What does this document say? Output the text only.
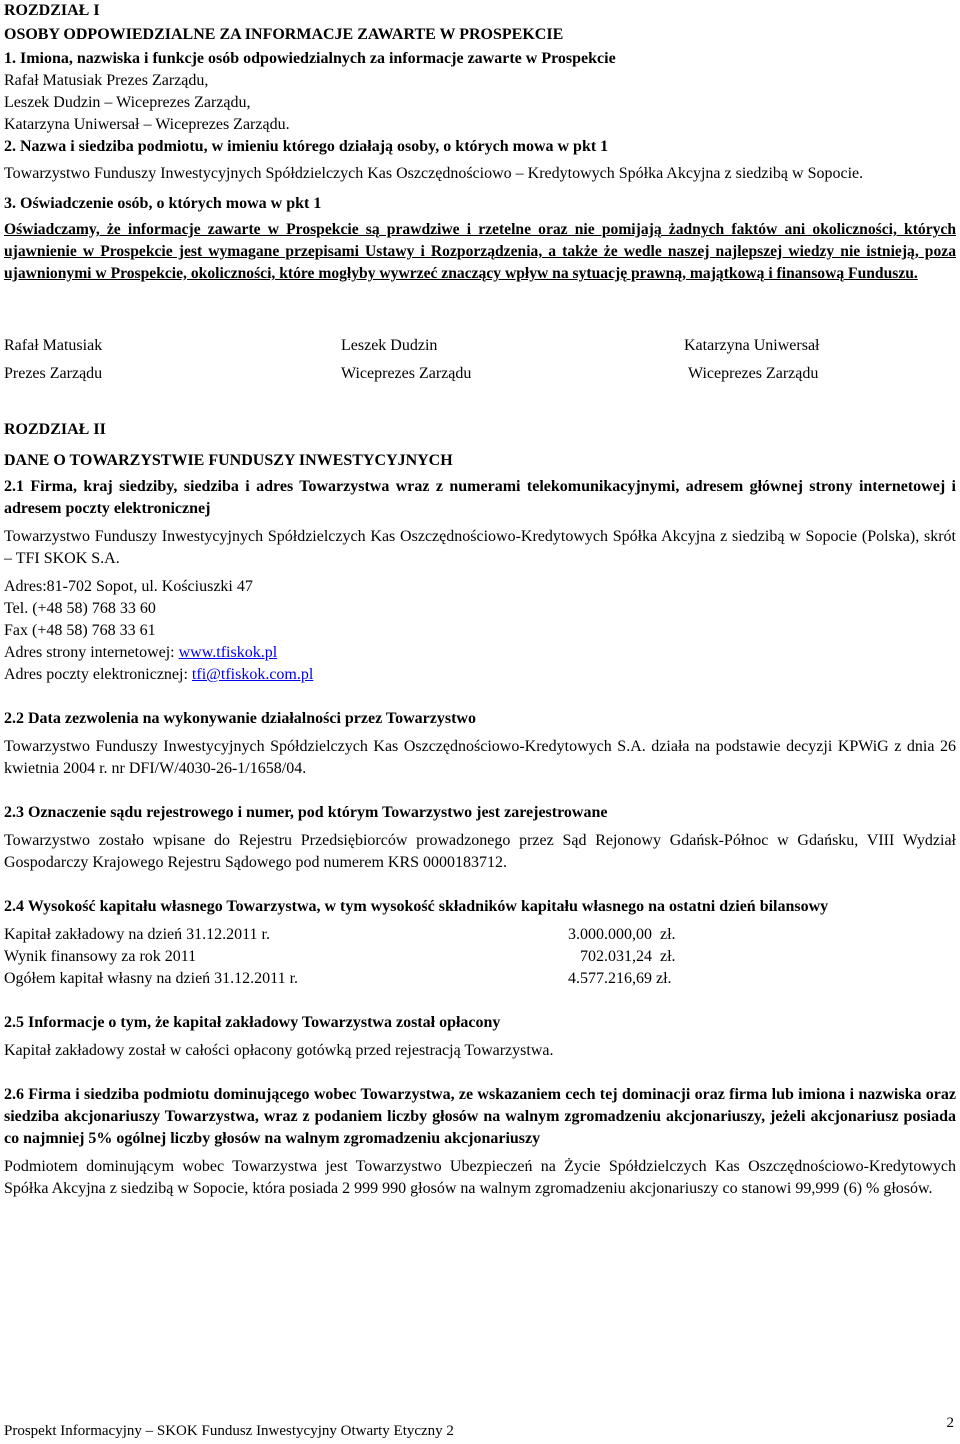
ROZDZIAŁ I

OSOBY ODPOWIEDZIALNE ZA INFORMACJE ZAWARTE W PROSPEKCIE

1. Imiona, nazwiska i funkcje osób odpowiedzialnych za informacje zawarte w Prospekcie

Rafał Matusiak Prezes Zarządu,

Leszek Dudzin – Wiceprezes Zarządu,

Katarzyna Uniwersał – Wiceprezes Zarządu.

2. Nazwa i siedziba podmiotu, w imieniu którego działają osoby, o których mowa w pkt 1

Towarzystwo Funduszy Inwestycyjnych Spółdzielczych Kas Oszczędnościowo – Kredytowych Spółka Akcyjna z siedzibą w Sopocie.

3. Oświadczenie osób, o których mowa w pkt 1

Oświadczamy, że informacje zawarte w Prospekcie są prawdziwe i rzetelne oraz nie pomijają żadnych faktów ani okoliczności, których ujawnienie w Prospekcie jest wymagane przepisami Ustawy i Rozporządzenia, a także że wedle naszej najlepszej wiedzy nie istnieją, poza ujawnionymi w Prospekcie, okoliczności, które mogłyby wywrzeć znaczący wpływ na sytuację prawną, majątkową i finansową Funduszu.

Rafał Matusiak	Leszek Dudzin	Katarzyna Uniwersał
Prezes Zarządu	Wiceprezes Zarządu	Wiceprezes Zarządu

ROZDZIAŁ II

DANE O TOWARZYSTWIE FUNDUSZY INWESTYCYJNYCH

2.1 Firma, kraj siedziby, siedziba i adres Towarzystwa wraz z numerami telekomunikacyjnymi, adresem głównej strony internetowej i adresem poczty elektronicznej

Towarzystwo Funduszy Inwestycyjnych Spółdzielczych Kas Oszczędnościowo-Kredytowych Spółka Akcyjna z siedzibą w Sopocie (Polska), skrót – TFI SKOK S.A.

Adres:81-702 Sopot, ul. Kościuszki 47

Tel. (+48 58) 768 33 60

Fax (+48 58) 768 33 61

Adres strony internetowej: www.tfiskok.pl

Adres poczty elektronicznej: tfi@tfiskok.com.pl

2.2 Data zezwolenia na wykonywanie działalności przez Towarzystwo

Towarzystwo Funduszy Inwestycyjnych Spółdzielczych Kas Oszczędnościowo-Kredytowych S.A. działa na podstawie decyzji KPWiG z dnia 26 kwietnia 2004 r. nr DFI/W/4030-26-1/1658/04.

2.3 Oznaczenie sądu rejestrowego i numer, pod którym Towarzystwo jest zarejestrowane

Towarzystwo zostało wpisane do Rejestru Przedsiębiorców prowadzonego przez Sąd Rejonowy Gdańsk-Północ w Gdańsku, VIII Wydział Gospodarczy Krajowego Rejestru Sądowego pod numerem KRS 0000183712.

2.4 Wysokość kapitału własnego Towarzystwa, w tym wysokość składników kapitału własnego na ostatni dzień bilansowy

Kapitał zakładowy na dzień 31.12.2011 r.	3.000.000,00 zł.
Wynik finansowy za rok 2011	702.031,24 zł.
Ogółem kapitał własny na dzień 31.12.2011 r.	4.577.216,69 zł.

2.5 Informacje o tym, że kapitał zakładowy Towarzystwa został opłacony

Kapitał zakładowy został w całości opłacony gotówką przed rejestracją Towarzystwa.

2.6 Firma i siedziba podmiotu dominującego wobec Towarzystwa, ze wskazaniem cech tej dominacji oraz firma lub imiona i nazwiska oraz siedziba akcjonariuszy Towarzystwa, wraz z podaniem liczby głosów na walnym zgromadzeniu akcjonariuszy, jeżeli akcjonariusz posiada co najmniej 5% ogólnej liczby głosów na walnym zgromadzeniu akcjonariuszy

Podmiotem dominującym wobec Towarzystwa jest Towarzystwo Ubezpieczeń na Życie Spółdzielczych Kas Oszczędnościowo-Kredytowych Spółka Akcyjna z siedzibą w Sopocie, która posiada 2 999 990 głosów na walnym zgromadzeniu akcjonariuszy co stanowi 99,999 (6) % głosów.

Prospekt Informacyjny – SKOK Fundusz Inwestycyjny Otwarty Etyczny 2	2
